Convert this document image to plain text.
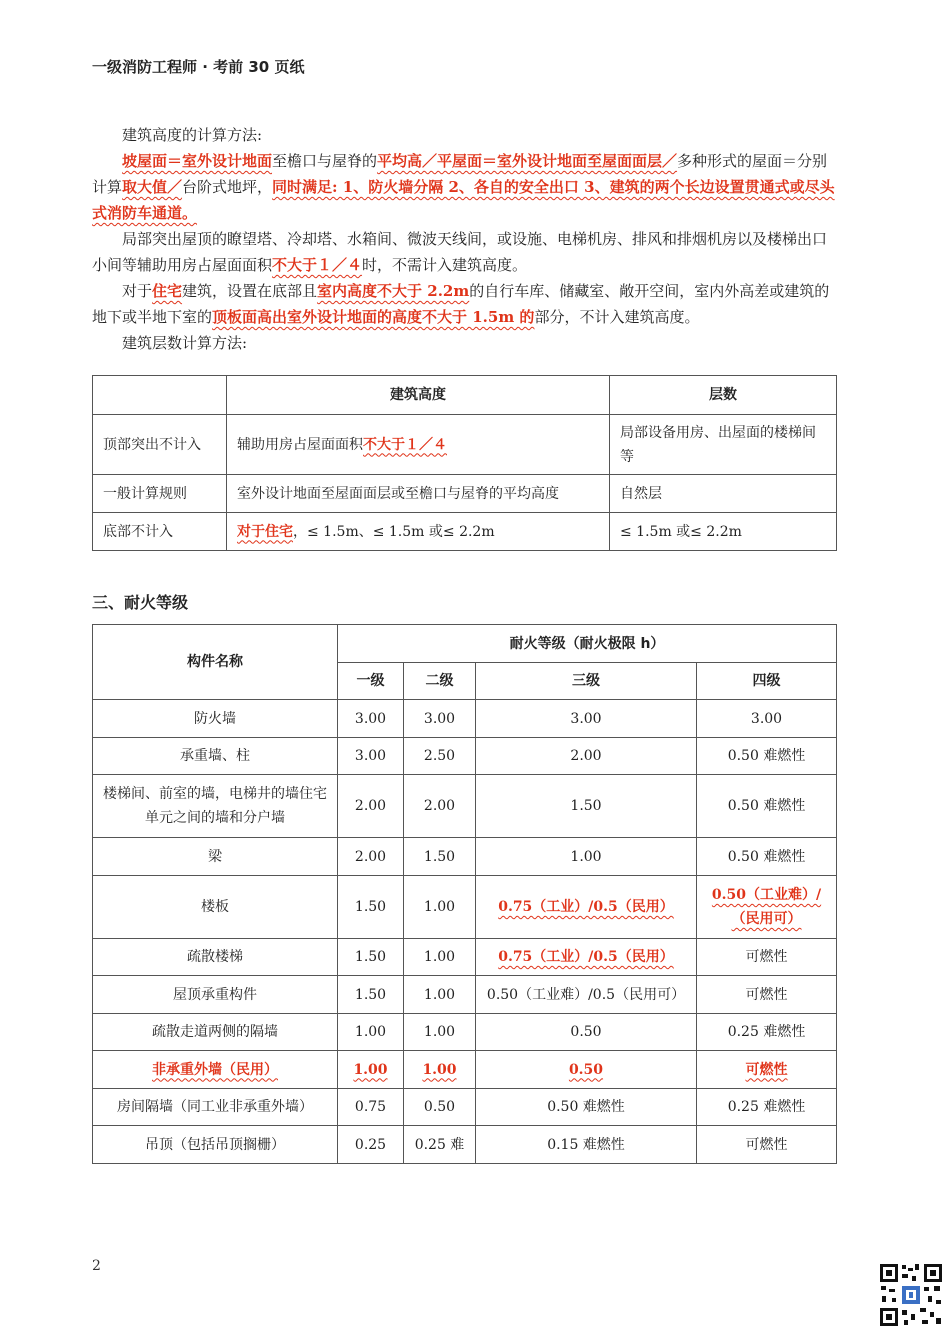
一级消防工程师 · 考前 30 页纸

建筑高度的计算方法:

坡屋面＝室外设计地面至檐口与屋脊的平均高／平屋面＝室外设计地面至屋面面层／多种形式的屋面＝分别计算取大值／台阶式地坪，同时满足: 1、防火墙分隔 2、各自的安全出口 3、建筑的两个长边设置贯通式或尽头式消防车通道。

局部突出屋顶的瞭望塔、冷却塔、水箱间、微波天线间，或设施、电梯机房、排风和排烟机房以及楼梯出口小间等辅助用房占屋面面积不大于１／４时，不需计入建筑高度。

对于住宅建筑，设置在底部且室内高度不大于 2.2m的自行车库、储藏室、敞开空间，室内外高差或建筑的地下或半地下室的顶板面高出室外设计地面的高度不大于 1.5m 的部分，不计入建筑高度。

建筑层数计算方法:

	建筑高度	层数
顶部突出不计入	辅助用房占屋面面积不大于１／４	局部设备用房、出屋面的楼梯间等
一般计算规则	室外设计地面至屋面面层或至檐口与屋脊的平均高度	自然层
底部不计入	对于住宅，≤ 1.5m、≤ 1.5m 或≤ 2.2m	≤ 1.5m 或≤ 2.2m
三、耐火等级
构件名称	耐火等级（耐火极限 h）			
	一级	二级	三级	四级
防火墙	3.00	3.00	3.00	3.00
承重墙、柱	3.00	2.50	2.00	0.50 难燃性
楼梯间、前室的墙，电梯井的墙住宅单元之间的墙和分户墙	2.00	2.00	1.50	0.50 难燃性
梁	2.00	1.50	1.00	0.50 难燃性
楼板	1.50	1.00	0.75（工业）/0.5（民用）	0.50（工业难）/（民用可）
疏散楼梯	1.50	1.00	0.75（工业）/0.5（民用）	可燃性
屋顶承重构件	1.50	1.00	0.50（工业难）/0.5（民用可）	可燃性
疏散走道两侧的隔墙	1.00	1.00	0.50	0.25 难燃性
非承重外墙（民用）	1.00	1.00	0.50	可燃性
房间隔墙（同工业非承重外墙）	0.75	0.50	0.50 难燃性	0.25 难燃性
吊顶（包括吊顶搁栅）	0.25	0.25 难	0.15 难燃性	可燃性
2
